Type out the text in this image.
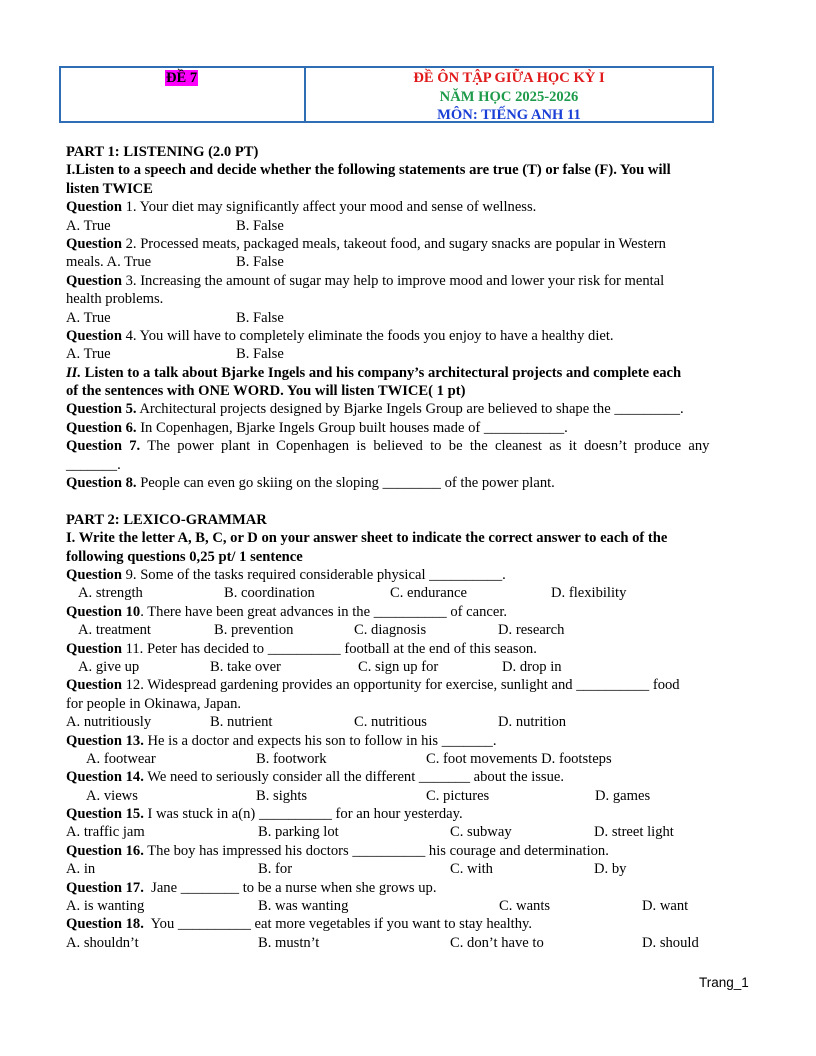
ĐỀ 7	ĐỀ ÔN TẬP GIỮA HỌC KỲ I
NĂM HỌC 2025-2026
MÔN: TIẾNG ANH 11
PART 1: LISTENING (2.0 PT)
I.Listen to a speech and decide whether the following statements are true (T) or false (F). You will
listen TWICE
Question 1. Your diet may significantly affect your mood and sense of wellness.
A. True	B. False
Question 2. Processed meats, packaged meals, takeout food, and sugary snacks are popular in Western
meals. A. True	B. False
Question 3. Increasing the amount of sugar may help to improve mood and lower your risk for mental
health problems.
A. True	B. False
Question 4. You will have to completely eliminate the foods you enjoy to have a healthy diet.
A. True	B. False
II. Listen to a talk about Bjarke Ingels and his company’s architectural projects and complete each
of the sentences with ONE WORD. You will listen TWICE( 1 pt)
Question 5. Architectural projects designed by Bjarke Ingels Group are believed to shape the _________.
Question 6. In Copenhagen, Bjarke Ingels Group built houses made of ___________.
Question  7.  The  power  plant  in  Copenhagen  is  believed  to  be  the  cleanest  as  it  doesn’t  produce  any
_______.
Question 8. People can even go skiing on the sloping ________ of the power plant.
PART 2: LEXICO-GRAMMAR
I. Write the letter A, B, C, or D on your answer sheet to indicate the correct answer to each of the
following questions 0,25 pt/ 1 sentence
Question 9. Some of the tasks required considerable physical __________.
A. strength	B. coordination	C. endurance	D. flexibility
Question 10. There have been great advances in the __________ of cancer.
A. treatment	B. prevention	C. diagnosis	D. research
Question 11. Peter has decided to __________ football at the end of this season.
A. give up	B. take over	C. sign up for	D. drop in
Question 12. Widespread gardening provides an opportunity for exercise, sunlight and __________ food
for people in Okinawa, Japan.
A. nutritiously	B. nutrient	C. nutritious	D. nutrition
Question 13. He is a doctor and expects his son to follow in his _______.
A. footwear	B. footwork	C. foot movements D. footsteps
Question 14. We need to seriously consider all the different _______ about the issue.
A. views	B. sights	C. pictures	D. games
Question 15. I was stuck in a(n) __________ for an hour yesterday.
A. traffic jam	B. parking lot	C. subway	D. street light
Question 16. The boy has impressed his doctors __________ his courage and determination.
A. in	B. for	C. with	D. by
Question 17.  Jane ________ to be a nurse when she grows up.
A. is wanting	B. was wanting	C. wants	D. want
Question 18.  You __________ eat more vegetables if you want to stay healthy.
A. shouldn’t	B. mustn’t	C. don’t have to	D. should
Trang_1
